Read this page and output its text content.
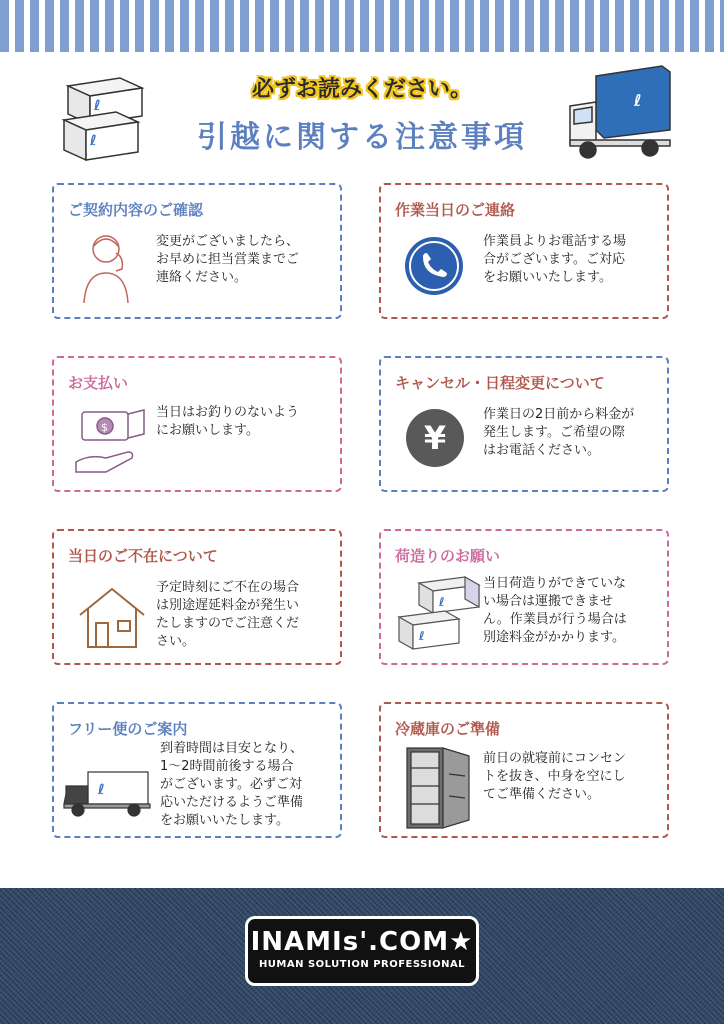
ℓ
ℓ
ℓ
必ずお読みください。
引越に関する注意事項
ご契約内容のご確認
変更がございましたら、
お早めに担当営業までご
連絡ください。
作業当日のご連絡
作業員よりお電話する場
合がございます。ご対応
をお願いいたします。
お支払い
$
当日はお釣りのないよう
にお願いします。
キャンセル・日程変更について
¥
作業日の2日前から料金が
発生します。ご希望の際
はお電話ください。
当日のご不在について
予定時刻にご不在の場合
は別途遅延料金が発生い
たしますのでご注意くだ
さい。
荷造りのお願い
ℓ
ℓ
当日荷造りができていな
い場合は運搬できませ
ん。作業員が行う場合は
別途料金がかかります。
フリー便のご案内
ℓ
到着時間は目安となり、
1～2時間前後する場合
がございます。必ずご対
応いただけるようご準備
をお願いいたします。
冷蔵庫のご準備
前日の就寝前にコンセン
トを抜き、中身を空にし
てご準備ください。
INAMIs'.COM★
HUMAN SOLUTION PROFESSIONAL
